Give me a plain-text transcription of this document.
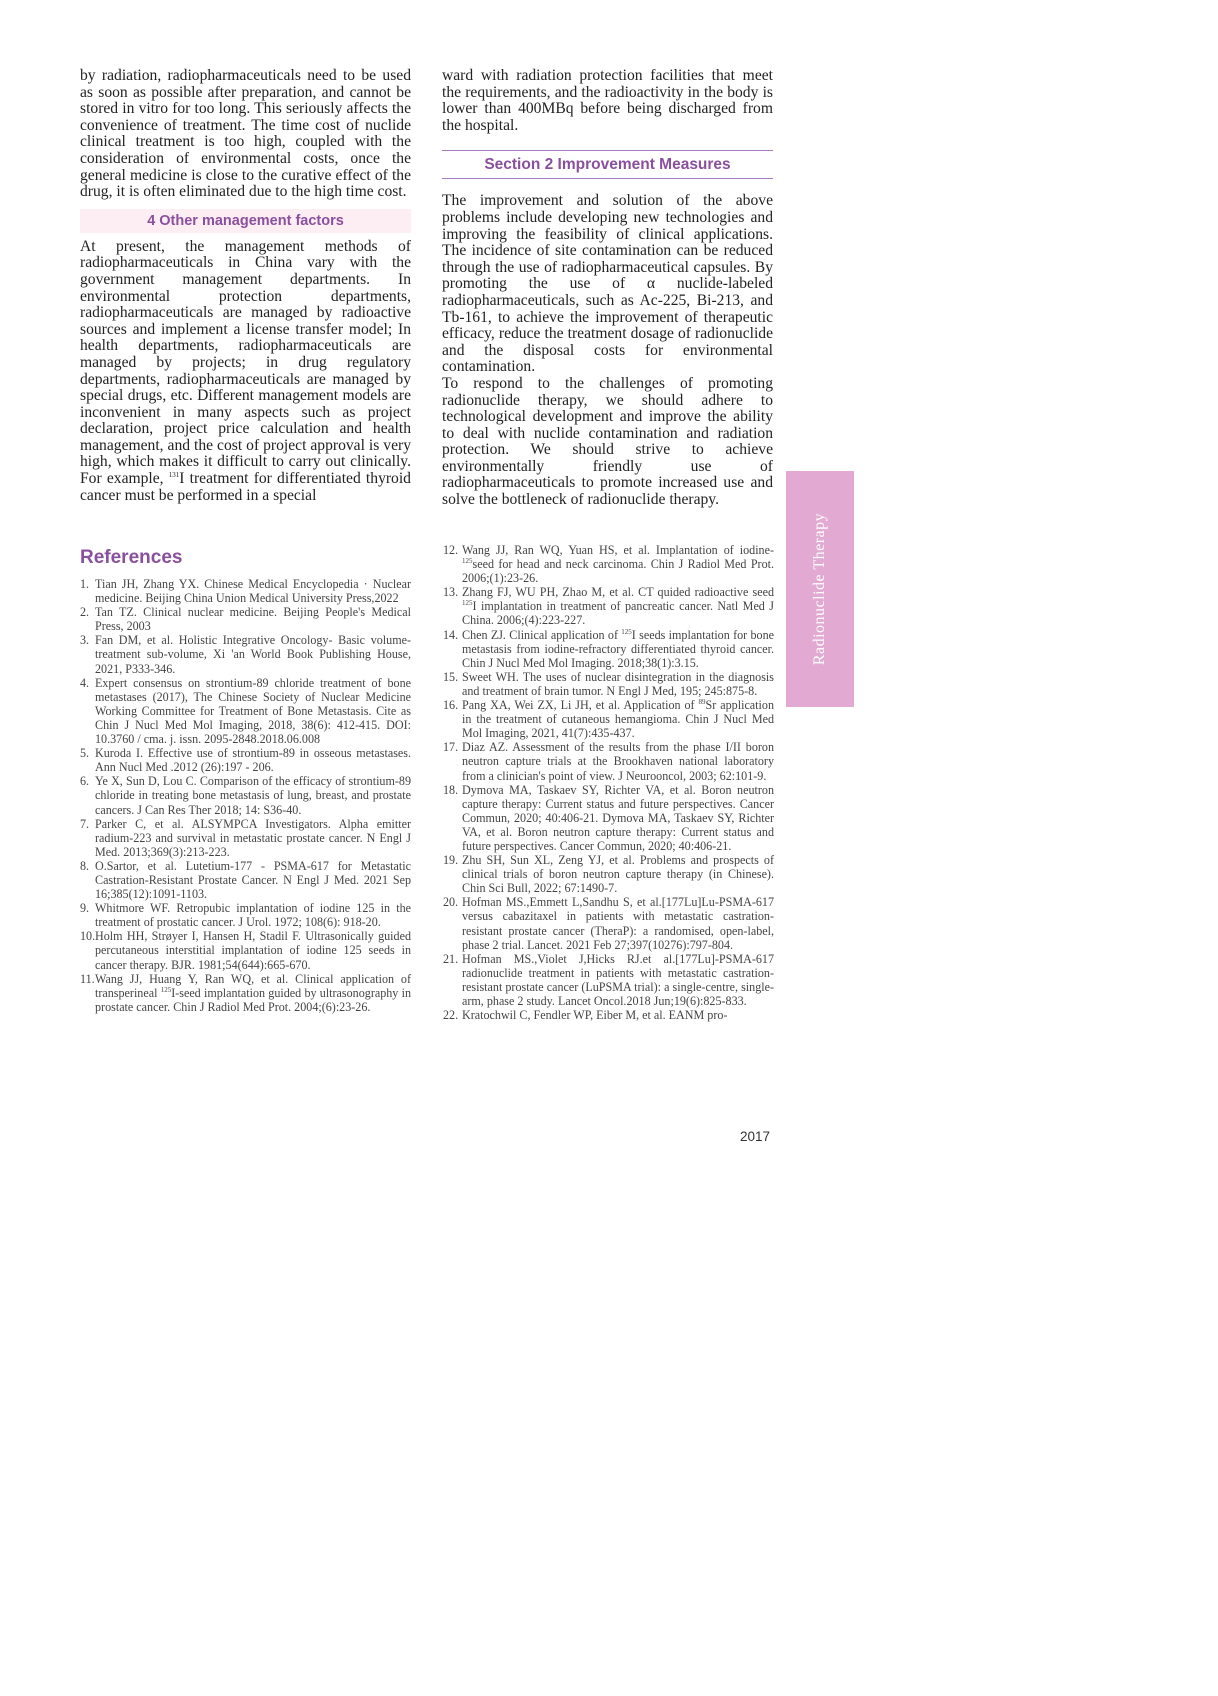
by radiation, radiopharmaceuticals need to be used as soon as possible after preparation, and cannot be stored in vitro for too long. This seriously affects the convenience of treatment. The time cost of nuclide clinical treatment is too high, coupled with the consideration of environmental costs, once the general medicine is close to the curative effect of the drug, it is often eliminated due to the high time cost.

4 Other management factors

At present, the management methods of radiopharmaceuticals in China vary with the government management departments. In environmental protection departments, radiopharmaceuticals are managed by radioactive sources and implement a license transfer model; In health departments, radiopharmaceuticals are managed by projects; in drug regulatory departments, radiopharmaceuticals are managed by special drugs, etc. Different management models are inconvenient in many aspects such as project declaration, project price calculation and health management, and the cost of project approval is very high, which makes it difficult to carry out clinically. For example, $^{131}$I treatment for differentiated thyroid cancer must be performed in a special

ward with radiation protection facilities that meet the requirements, and the radioactivity in the body is lower than 400MBq before being discharged from the hospital.

Section 2 Improvement Measures

The improvement and solution of the above problems include developing new technologies and improving the feasibility of clinical applications. The incidence of site contamination can be reduced through the use of radiopharmaceutical capsules. By promoting the use of α nuclide-labeled radiopharmaceuticals, such as Ac-225, Bi-213, and Tb-161, to achieve the improvement of therapeutic efficacy, reduce the treatment dosage of radionuclide and the disposal costs for environmental contamination.

To respond to the challenges of promoting radionuclide therapy, we should adhere to technological development and improve the ability to deal with nuclide contamination and radiation protection. We should strive to achieve environmentally friendly use of radiopharmaceuticals to promote increased use and solve the bottleneck of radionuclide therapy.

References
1. Tian JH, Zhang YX. Chinese Medical Encyclopedia · Nuclear medicine. Beijing China Union Medical University Press,2022
2. Tan TZ. Clinical nuclear medicine. Beijing People's Medical Press, 2003
3. Fan DM, et al. Holistic Integrative Oncology- Basic volume-treatment sub-volume, Xi 'an World Book Publishing House, 2021, P333-346.
4. Expert consensus on strontium-89 chloride treatment of bone metastases (2017), The Chinese Society of Nuclear Medicine Working Committee for Treatment of Bone Metastasis. Cite as Chin J Nucl Med Mol Imaging, 2018, 38(6): 412-415. DOI: 10.3760 / cma. j. issn. 2095-2848.2018.06.008
5. Kuroda I. Effective use of strontium-89 in osseous metastases. Ann Nucl Med .2012 (26):197 - 206.
6. Ye X, Sun D, Lou C. Comparison of the efficacy of strontium-89 chloride in treating bone metastasis of lung, breast, and prostate cancers. J Can Res Ther 2018; 14: S36-40.
7. Parker C, et al. ALSYMPCA Investigators. Alpha emitter radium-223 and survival in metastatic prostate cancer. N Engl J Med. 2013;369(3):213-223.
8. O.Sartor, et al. Lutetium-177 - PSMA-617 for Metastatic Castration-Resistant Prostate Cancer. N Engl J Med. 2021 Sep 16;385(12):1091-1103.
9. Whitmore WF. Retropubic implantation of iodine 125 in the treatment of prostatic cancer. J Urol. 1972; 108(6): 918-20.
10. Holm HH, Strøyer I, Hansen H, Stadil F. Ultrasonically guided percutaneous interstitial implantation of iodine 125 seeds in cancer therapy. BJR. 1981;54(644):665-670.
11. Wang JJ, Huang Y, Ran WQ, et al. Clinical application of transperineal $^{125}$I-seed implantation guided by ultrasonography in prostate cancer. Chin J Radiol Med Prot. 2004;(6):23-26.
12. Wang JJ, Ran WQ, Yuan HS, et al. Implantation of iodine-$^{125}$seed for head and neck carcinoma. Chin J Radiol Med Prot. 2006;(1):23-26.
13. Zhang FJ, WU PH, Zhao M, et al. CT quided radioactive seed $^{125}$I implantation in treatment of pancreatic cancer. Natl Med J China. 2006;(4):223-227.
14. Chen ZJ. Clinical application of $^{125}$I seeds implantation for bone metastasis from iodine-refractory differentiated thyroid cancer. Chin J Nucl Med Mol Imaging. 2018;38(1):3.15.
15. Sweet WH. The uses of nuclear disintegration in the diagnosis and treatment of brain tumor. N Engl J Med, 195; 245:875-8.
16. Pang XA, Wei ZX, Li JH, et al. Application of $^{89}$Sr application in the treatment of cutaneous hemangioma. Chin J Nucl Med Mol Imaging, 2021, 41(7):435-437.
17. Diaz AZ. Assessment of the results from the phase I/II boron neutron capture trials at the Brookhaven national laboratory from a clinician's point of view. J Neurooncol, 2003; 62:101-9.
18. Dymova MA, Taskaev SY, Richter VA, et al. Boron neutron capture therapy: Current status and future perspectives. Cancer Commun, 2020; 40:406-21. Dymova MA, Taskaev SY, Richter VA, et al. Boron neutron capture therapy: Current status and future perspectives. Cancer Commun, 2020; 40:406-21.
19. Zhu SH, Sun XL, Zeng YJ, et al. Problems and prospects of clinical trials of boron neutron capture therapy (in Chinese). Chin Sci Bull, 2022; 67:1490-7.
20. Hofman MS.,Emmett L,Sandhu S, et al.[177Lu]Lu-PSMA-617 versus cabazitaxel in patients with metastatic castration-resistant prostate cancer (TheraP): a randomised, open-label, phase 2 trial. Lancet. 2021 Feb 27;397(10276):797-804.
21. Hofman MS.,Violet J,Hicks RJ.et al.[177Lu]-PSMA-617 radionuclide treatment in patients with metastatic castration-resistant prostate cancer (LuPSMA trial): a single-centre, single-arm, phase 2 study. Lancet Oncol.2018 Jun;19(6):825-833.
22. Kratochwil C, Fendler WP, Eiber M, et al. EANM pro-
Radionuclide Therapy
2017
